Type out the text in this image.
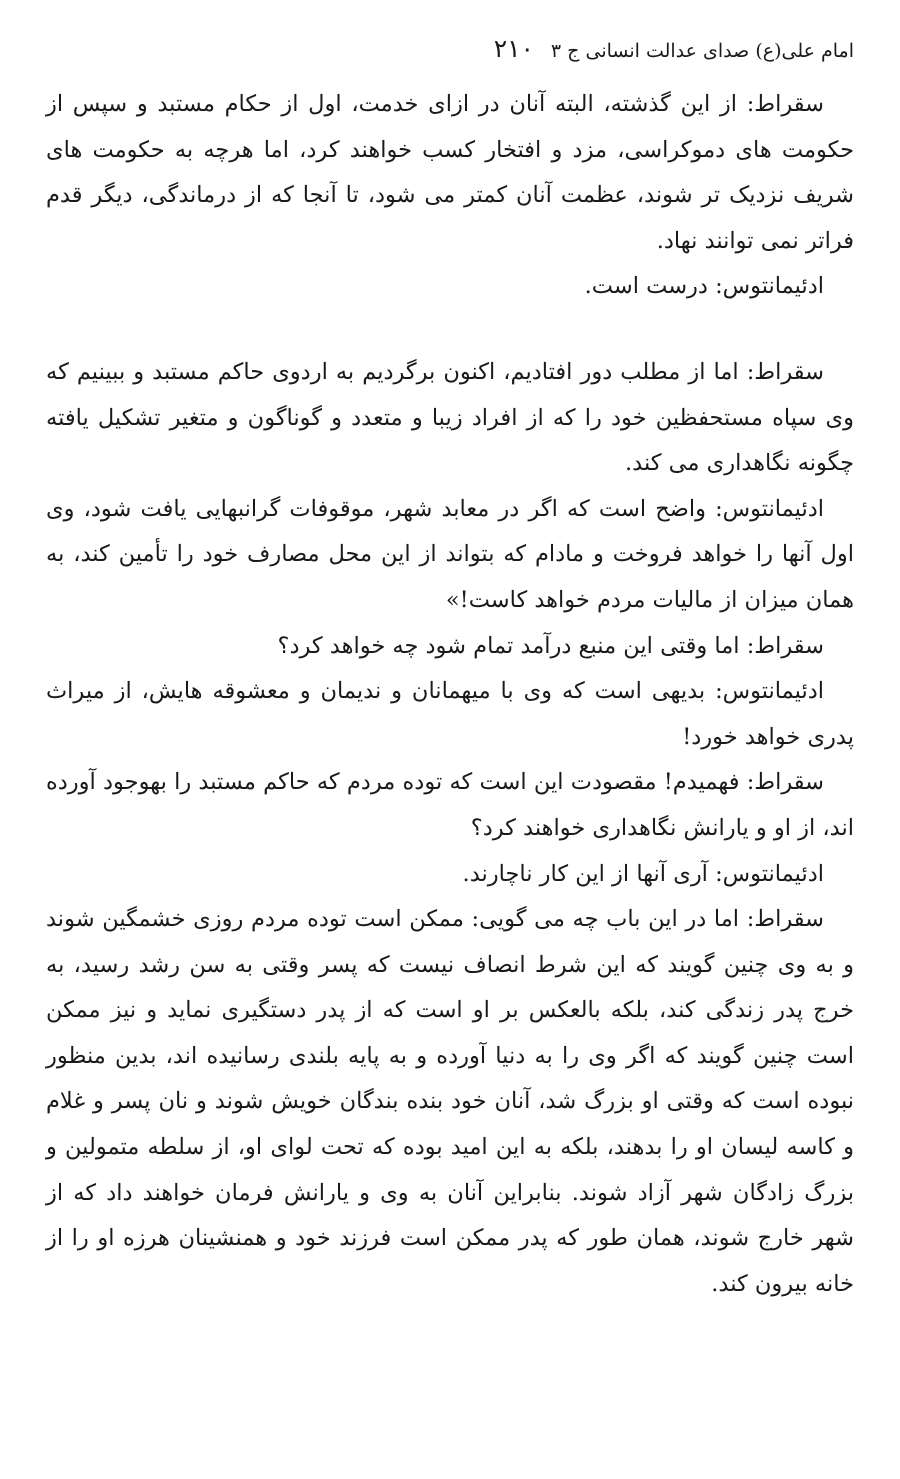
امام علی(ع) صدای عدالت انسانی ج ۳
۲۱۰

سقراط: از این گذشته، البته آنان در ازای خدمت، اول از حکام مستبد و سپس از حکومت های دموکراسی، مزد و افتخار کسب خواهند کرد، اما هرچه به حکومت های شریف نزدیک تر شوند، عظمت آنان کمتر می شود، تا آنجا که از درماندگی، دیگر قدم فراتر نمی توانند نهاد.

ادئیمانتوس: درست است.

سقراط: اما از مطلب دور افتادیم، اکنون برگردیم به اردوی حاکم مستبد و ببینیم که وی سپاه مستحفظین خود را که از افراد زیبا و متعدد و گوناگون و متغیر تشکیل یافته چگونه نگاهداری می کند.

ادئیمانتوس: واضح است که اگر در معابد شهر، موقوفات گرانبهایی یافت شود، وی اول آنها را خواهد فروخت و مادام که بتواند از این محل مصارف خود را تأمین کند، به همان میزان از مالیات مردم خواهد کاست!»

سقراط: اما وقتی این منبع درآمد تمام شود چه خواهد کرد؟

ادئیمانتوس: بدیهی است که وی با میهمانان و ندیمان و معشوقه هایش، از میراث پدری خواهد خورد!

سقراط: فهمیدم! مقصودت این است که توده مردم که حاکم مستبد را بهوجود آورده اند، از او و یارانش نگاهداری خواهند کرد؟

ادئیمانتوس: آری آنها از این کار ناچارند.

سقراط: اما در این باب چه می گویی: ممکن است توده مردم روزی خشمگین شوند و به وی چنین گویند که این شرط انصاف نیست که پسر وقتی به سن رشد رسید، به خرج پدر زندگی کند، بلکه بالعکس بر او است که از پدر دستگیری نماید و نیز ممکن است چنین گویند که اگر وی را به دنیا آورده و به پایه بلندی رسانیده اند، بدین منظور نبوده است که وقتی او بزرگ شد، آنان خود بنده بندگان خویش شوند و نان پسر و غلام و کاسه لیسان او را بدهند، بلکه به این امید بوده که تحت لوای او، از سلطه متمولین و بزرگ زادگان شهر آزاد شوند. بنابراین آنان به وی و یارانش فرمان خواهند داد که از شهر خارج شوند، همان طور که پدر ممکن است فرزند خود و همنشینان هرزه او را از خانه بیرون کند.
